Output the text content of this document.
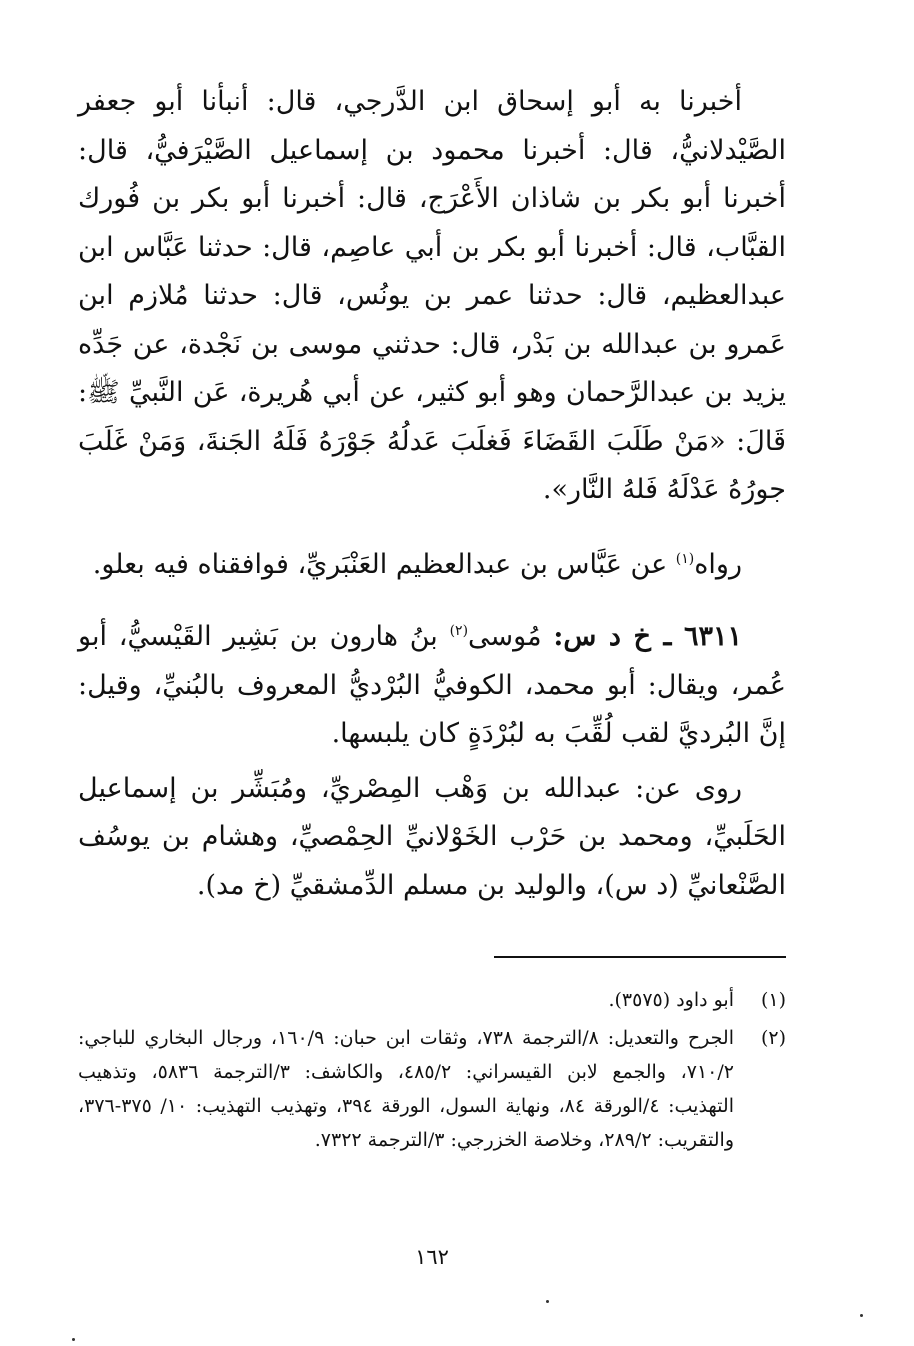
أخبرنا به أبو إسحاق ابن الدَّرجي، قال: أنبأنا أبو جعفر الصَّيْدلانيُّ، قال: أخبرنا محمود بن إسماعيل الصَّيْرَفيُّ، قال: أخبرنا أبو بكر بن شاذان الأَعْرَج، قال: أخبرنا أبو بكر بن فُورك القبَّاب، قال: أخبرنا أبو بكر بن أبي عاصِم، قال: حدثنا عَبَّاس ابن عبدالعظيم، قال: حدثنا عمر بن يونُس، قال: حدثنا مُلازم ابن عَمرو بن عبدالله بن بَدْر، قال: حدثني موسى بن نَجْدة، عن جَدِّه يزيد بن عبدالرَّحمان وهو أبو كثير، عن أبي هُريرة، عَن النَّبيِّ ﷺ: قَالَ: «مَنْ طَلَبَ القَضَاءَ فَغلَبَ عَدلُهُ جَوْرَهُ فَلَهُ الجَنةَ، وَمَنْ غَلَبَ جورُهُ عَدْلَهُ فَلهُ النَّار».

رواه$^{(١)}$ عن عَبَّاس بن عبدالعظيم العَنْبَريِّ، فوافقناه فيه بعلو.

٦٣١١ ـ خ د س: مُوسى$^{(٢)}$ بنُ هارون بن بَشِير القَيْسيُّ، أبو عُمر، ويقال: أبو محمد، الكوفيُّ البُرْديُّ المعروف بالبُنيِّ، وقيل: إنَّ البُرديَّ لقب لُقِّبَ به لبُرْدَةٍ كان يلبسها.

روى عن: عبدالله بن وَهْب المِصْريِّ، ومُبَشِّر بن إسماعيل الحَلَبيِّ، ومحمد بن حَرْب الخَوْلانيِّ الحِمْصيِّ، وهشام بن يوسُف الصَّنْعانيِّ (د س)، والوليد بن مسلم الدِّمشقيِّ (خ مد).

(١)
أبو داود (٣٥٧٥).
(٢)
الجرح والتعديل: ٨/الترجمة ٧٣٨، وثقات ابن حبان: ١٦٠/٩، ورجال البخاري للباجي: ٧١٠/٢، والجمع لابن القيسراني: ٤٨٥/٢، والكاشف: ٣/الترجمة ٥٨٣٦، وتذهيب التهذيب: ٤/الورقة ٨٤، ونهاية السول، الورقة ٣٩٤، وتهذيب التهذيب: ١٠/ ٣٧٥-٣٧٦، والتقريب: ٢٨٩/٢، وخلاصة الخزرجي: ٣/الترجمة ٧٣٢٢.
١٦٢
